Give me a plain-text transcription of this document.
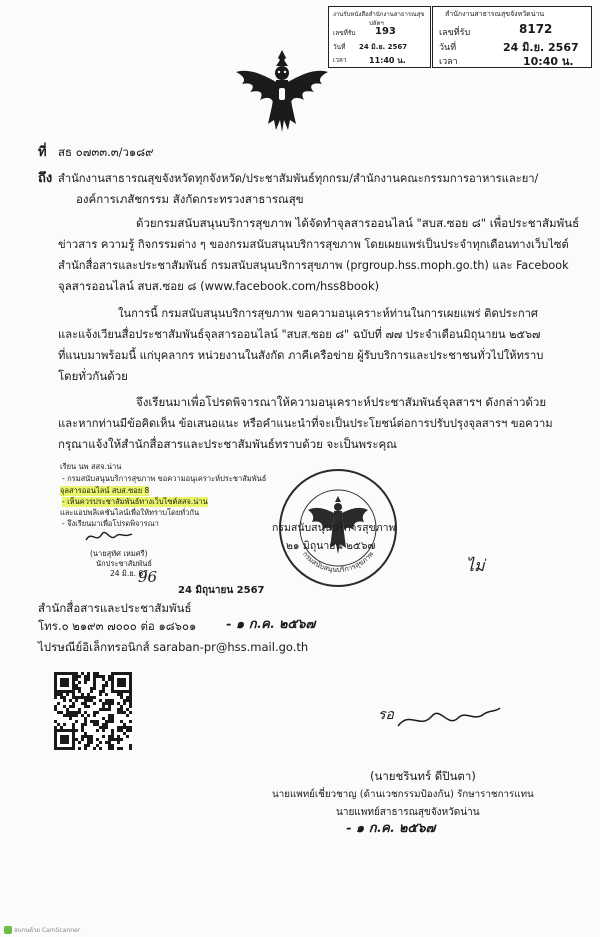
งานรับหนังสือสำนักงานสาธารณสุข
ปลัดฯ
เลขที่รับ 193
วันที่ 24 มิ.ย. 2567
เวลา	11:40 น.
สำนักงานสาธารณสุขจังหวัดน่าน
เลขที่รับ	8172
วันที่	24 มิ.ย. 2567
เวลา	10:40 น.
ที่ สธ ๐๗๓๓.๓/ว๑๘๙
ถึง สำนักงานสาธารณสุขจังหวัดทุกจังหวัด/ประชาสัมพันธ์ทุกกรม/สำนักงานคณะกรรมการอาหารและยา/
องค์การเภสัชกรรม สังกัดกระทรวงสาธารณสุข
ด้วยกรมสนับสนุนบริการสุขภาพ ได้จัดทำจุลสารออนไลน์ "สบส.ซอย ๘" เพื่อประชาสัมพันธ์
ข่าวสาร ความรู้ กิจกรรมต่าง ๆ ของกรมสนับสนุนบริการสุขภาพ โดยเผยแพร่เป็นประจำทุกเดือนทางเว็บไซต์
สำนักสื่อสารและประชาสัมพันธ์ กรมสนับสนุนบริการสุขภาพ (prgroup.hss.moph.go.th) และ Facebook
จุลสารออนไลน์ สบส.ซอย ๘ (www.facebook.com/hss8book)
ในการนี้ กรมสนับสนุนบริการสุขภาพ ขอความอนุเคราะห์ท่านในการเผยแพร่ ติดประกาศ
และแจ้งเวียนสื่อประชาสัมพันธ์จุลสารออนไลน์ "สบส.ซอย ๘" ฉบับที่ ๗๗ ประจำเดือนมิถุนายน ๒๕๖๗
ที่แนบมาพร้อมนี้ แก่บุคลากร หน่วยงานในสังกัด ภาคีเครือข่าย ผู้รับบริการและประชาชนทั่วไปให้ทราบ
โดยทั่วกันด้วย
จึงเรียนมาเพื่อโปรดพิจารณาให้ความอนุเคราะห์ประชาสัมพันธ์จุลสารฯ ดังกล่าวด้วย
และหากท่านมีข้อคิดเห็น ข้อเสนอแนะ หรือคำแนะนำที่จะเป็นประโยชน์ต่อการปรับปรุงจุลสารฯ ขอความ
กรุณาแจ้งให้สำนักสื่อสารและประชาสัมพันธ์ทราบด้วย จะเป็นพระคุณ
เรียน นพ สสจ.น่าน
- กรมสนับสนุนบริการสุขภาพ ขอความอนุเคราะห์ประชาสัมพันธ์
จุลสารออนไลน์ สบส.ซอย 8
- เห็นควรประชาสัมพันธ์ทางเว็บไซต์สสจ.น่าน
และแอปพลิเคชันไลน์เพื่อให้ทราบโดยทั่วกัน
- จึงเรียนมาเพื่อโปรดพิจารณา
(นายสุทัศ เหมศรี)
นักประชาสัมพันธ์
24 มิ.ย. 67
96
กรมสนับสนุนบริการสุขภาพ
กรมสนับสนุนบริการสุขภาพ
๒๑ มิถุนายน ๒๕๖๗
ไม่
24 มิถุนายน 2567
สำนักสื่อสารและประชาสัมพันธ์
โทร.๐ ๒๑๙๓ ๗๐๐๐ ต่อ ๑๘๖๐๑ - ๑ ก.ค. ๒๕๖๗
ไปรษณีย์อิเล็กทรอนิกส์ saraban-pr@hss.mail.go.th
รอ
(นายชรินทร์ ดีปินตา)
นายแพทย์เชี่ยวชาญ (ด้านเวชกรรมป้องกัน) รักษาราชการแทน
นายแพทย์สาธารณสุขจังหวัดน่าน
- ๑ ก.ค. ๒๕๖๗
สแกนด้วย CamScanner
